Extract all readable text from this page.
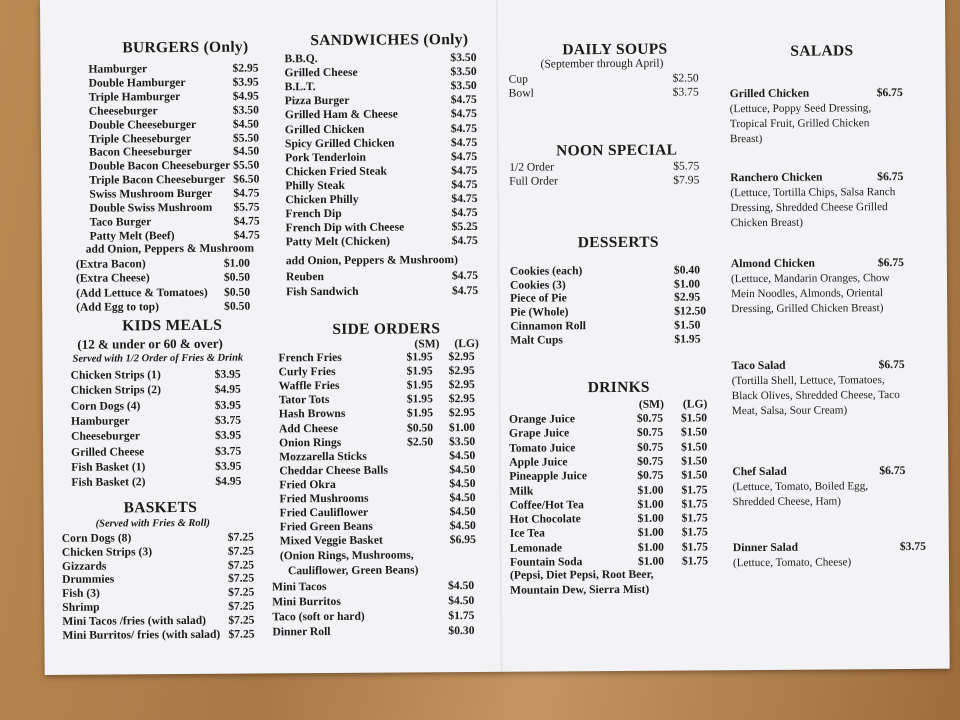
BURGERS (Only)
Hamburger	$2.95
Double Hamburger	$3.95
Triple Hamburger	$4.95
Cheeseburger	$3.50
Double Cheeseburger	$4.50
Triple Cheeseburger	$5.50
Bacon Cheeseburger	$4.50
Double Bacon Cheeseburger $5.50
Triple Bacon Cheeseburger $6.50
Swiss Mushroom Burger $4.75
Double Swiss Mushroom $5.75
Taco Burger	$4.75
Patty Melt (Beef)	$4.75
add Onion, Peppers & Mushroom
(Extra Bacon)	$1.00
(Extra Cheese)	$0.50
(Add Lettuce & Tomatoes) $0.50
(Add Egg to top)	$0.50
KIDS MEALS
(12 & under or 60 & over)
Served with 1/2 Order of Fries & Drink
Chicken Strips (1)	$3.95
Chicken Strips (2)	$4.95
Corn Dogs (4)	$3.95
Hamburger	$3.75
Cheeseburger	$3.95
Grilled Cheese	$3.75
Fish Basket (1)	$3.95
Fish Basket (2)	$4.95
BASKETS
(Served with Fries & Roll)
Corn Dogs (8)	$7.25
Chicken Strips (3)	$7.25
Gizzards	$7.25
Drummies	$7.25
Fish (3)	$7.25
Shrimp	$7.25
Mini Tacos /fries (with salad) $7.25
Mini Burritos/ fries (with salad) $7.25
SANDWICHES (Only)
B.B.Q.	$3.50
Grilled Cheese	$3.50
B.L.T.	$3.50
Pizza Burger	$4.75
Grilled Ham & Cheese	$4.75
Grilled Chicken	$4.75
Spicy Grilled Chicken	$4.75
Pork Tenderloin	$4.75
Chicken Fried Steak	$4.75
Philly Steak	$4.75
Chicken Philly	$4.75
French Dip	$4.75
French Dip with Cheese	$5.25
Patty Melt (Chicken)	$4.75
add Onion, Peppers & Mushroom)
Reuben	$4.75
Fish Sandwich	$4.75
SIDE ORDERS
(SM) (LG)
French Fries	$1.95 $2.95
Curly Fries	$1.95 $2.95
Waffle Fries	$1.95 $2.95
Tator Tots	$1.95 $2.95
Hash Browns	$1.95 $2.95
Add Cheese	$0.50 $1.00
Onion Rings	$2.50 $3.50
Mozzarella Sticks	$4.50
Cheddar Cheese Balls	$4.50
Fried Okra	$4.50
Fried Mushrooms	$4.50
Fried Cauliflower	$4.50
Fried Green Beans	$4.50
Mixed Veggie Basket	$6.95
(Onion Rings, Mushrooms,
Cauliflower, Green Beans)
Mini Tacos	$4.50
Mini Burritos	$4.50
Taco (soft or hard)	$1.75
Dinner Roll	$0.30
DAILY SOUPS
(September through April)
Cup	$2.50
Bowl	$3.75
NOON SPECIAL
1/2 Order	$5.75
Full Order	$7.95
DESSERTS
Cookies (each)	$0.40
Cookies (3)	$1.00
Piece of Pie	$2.95
Pie (Whole)	$12.50
Cinnamon Roll	$1.50
Malt Cups	$1.95
DRINKS
(SM) (LG)
Orange Juice	$0.75 $1.50
Grape Juice	$0.75 $1.50
Tomato Juice	$0.75 $1.50
Apple Juice	$0.75 $1.50
Pineapple Juice	$0.75 $1.50
Milk	$1.00 $1.75
Coffee/Hot Tea	$1.00 $1.75
Hot Chocolate	$1.00 $1.75
Ice Tea	$1.00 $1.75
Lemonade	$1.00 $1.75
Fountain Soda	$1.00 $1.75
(Pepsi, Diet Pepsi, Root Beer,
Mountain Dew, Sierra Mist)
SALADS
Grilled Chicken	$6.75
(Lettuce, Poppy Seed Dressing, Tropical Fruit, Grilled Chicken Breast)
Ranchero Chicken	$6.75
(Lettuce, Tortilla Chips, Salsa Ranch Dressing, Shredded Cheese Grilled Chicken Breast)
Almond Chicken	$6.75
(Lettuce, Mandarin Oranges, Chow Mein Noodles, Almonds, Oriental Dressing, Grilled Chicken Breast)
Taco Salad	$6.75
(Tortilla Shell, Lettuce, Tomatoes, Black Olives, Shredded Cheese, Taco Meat, Salsa, Sour Cream)
Chef Salad	$6.75
(Lettuce, Tomato, Boiled Egg, Shredded Cheese, Ham)
Dinner Salad	$3.75
(Lettuce, Tomato, Cheese)
